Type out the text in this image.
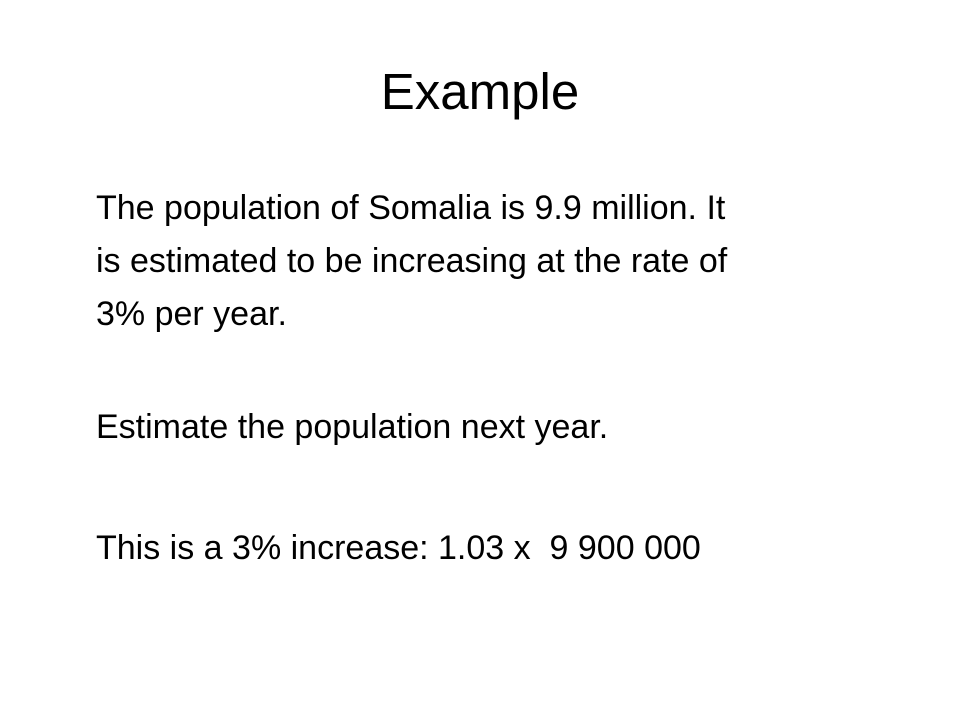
Example

The population of Somalia is 9.9 million. It
is estimated to be increasing at the rate of
3% per year.

Estimate the population next year.

This is a 3% increase: 1.03 x  9 900 000
